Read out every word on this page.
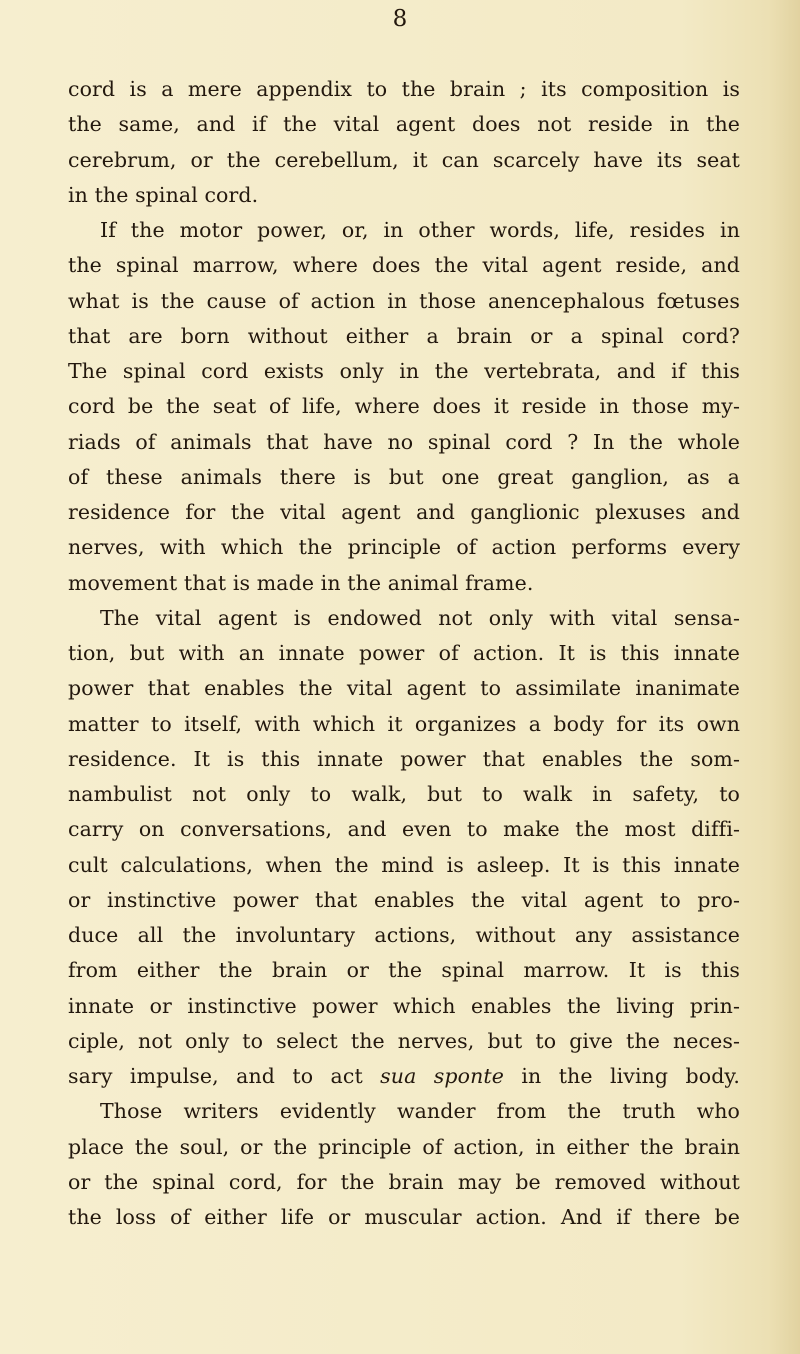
8
cord is a mere appendix to the brain ; its composition is
the same, and if the vital agent does not reside in the
cerebrum, or the cerebellum, it can scarcely have its seat
in the spinal cord.
If the motor power, or, in other words, life, resides in
the spinal marrow, where does the vital agent reside, and
what is the cause of action in those anencephalous fœtuses
that are born without either a brain or a spinal cord?
The spinal cord exists only in the vertebrata, and if this
cord be the seat of life, where does it reside in those my-
riads of animals that have no spinal cord ? In the whole
of these animals there is but one great ganglion, as a
residence for the vital agent and ganglionic plexuses and
nerves, with which the principle of action performs every
movement that is made in the animal frame.
The vital agent is endowed not only with vital sensa-
tion, but with an innate power of action. It is this innate
power that enables the vital agent to assimilate inanimate
matter to itself, with which it organizes a body for its own
residence. It is this innate power that enables the som-
nambulist not only to walk, but to walk in safety, to
carry on conversations, and even to make the most diffi-
cult calculations, when the mind is asleep. It is this innate
or instinctive power that enables the vital agent to pro-
duce all the involuntary actions, without any assistance
from either the brain or the spinal marrow. It is this
innate or instinctive power which enables the living prin-
ciple, not only to select the nerves, but to give the neces-
sary impulse, and to act sua sponte in the living body.
Those writers evidently wander from the truth who
place the soul, or the principle of action, in either the brain
or the spinal cord, for the brain may be removed without
the loss of either life or muscular action. And if there be
